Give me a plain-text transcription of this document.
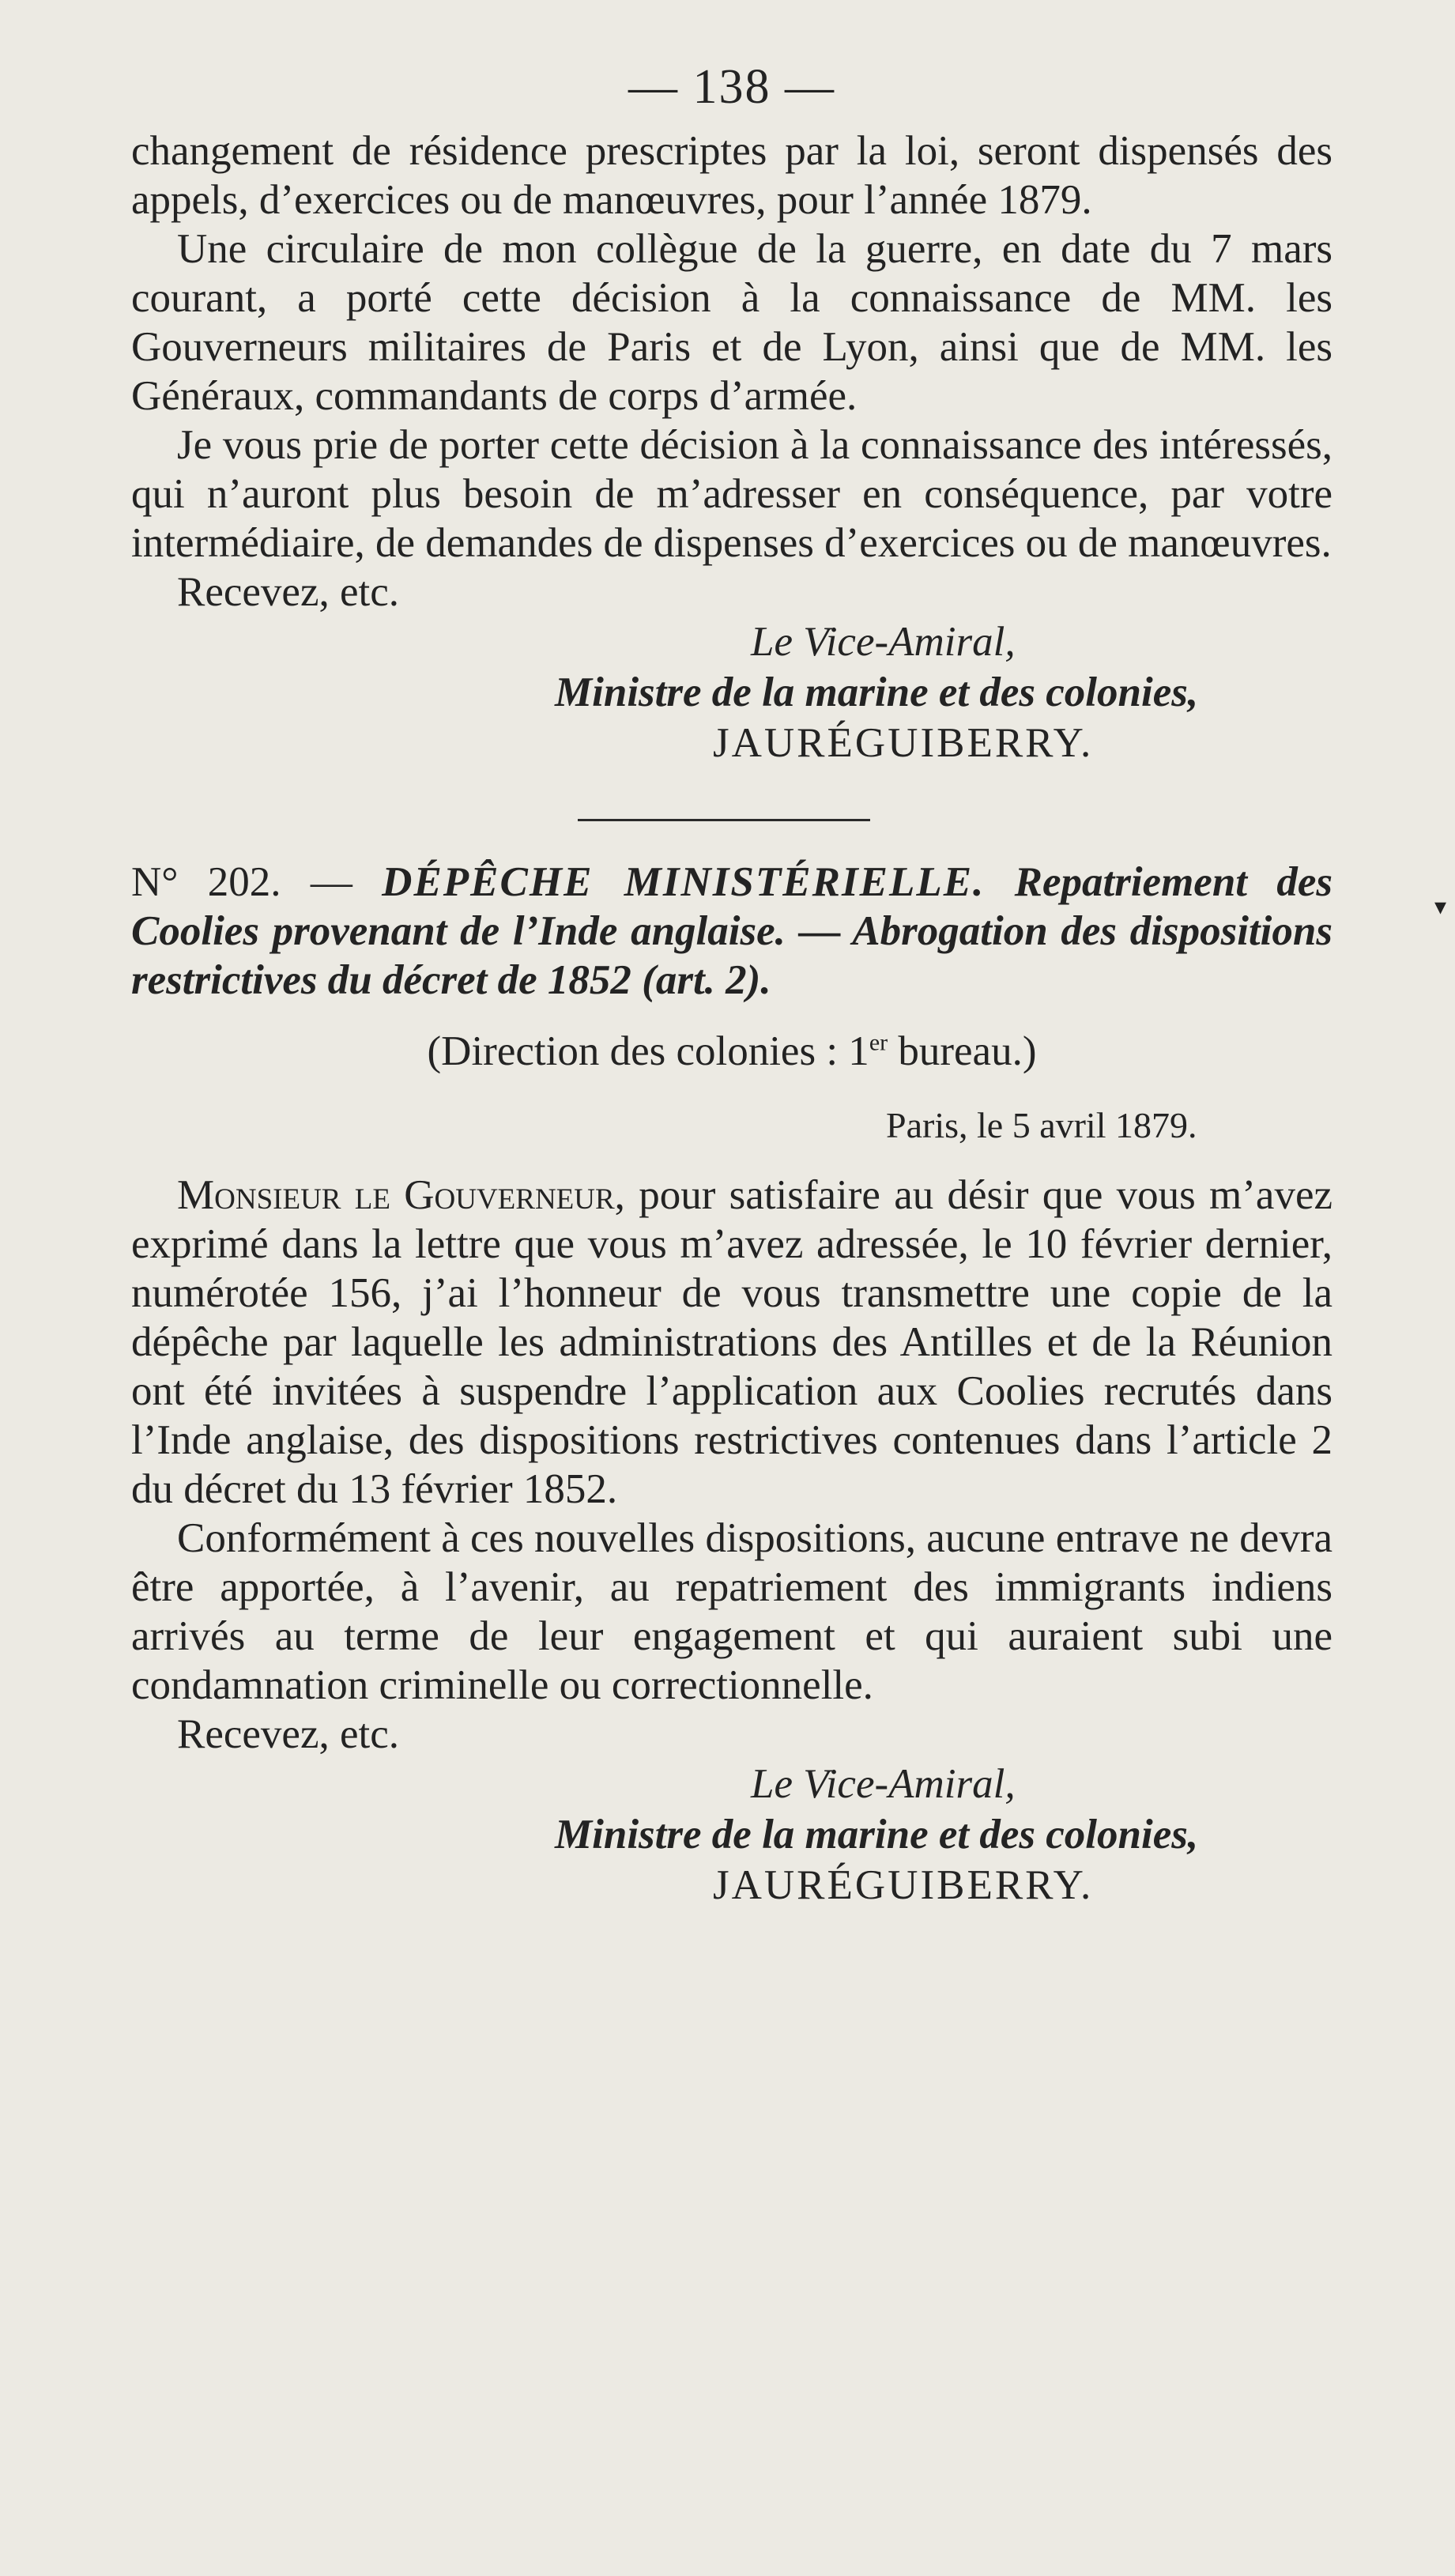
— 138 —

changement de résidence prescriptes par la loi, seront dispensés des appels, d’exercices ou de manœuvres, pour l’année 1879.

Une circulaire de mon collègue de la guerre, en date du 7 mars courant, a porté cette décision à la connaissance de MM. les Gouverneurs militaires de Paris et de Lyon, ainsi que de MM. les Généraux, commandants de corps d’armée.

Je vous prie de porter cette décision à la connaissance des intéressés, qui n’auront plus besoin de m’adresser en conséquence, par votre intermédiaire, de demandes de dispenses d’exercices ou de manœuvres.

Recevez, etc.

Le Vice-Amiral,
Ministre de la marine et des colonies,
JAURÉGUIBERRY.
N° 202. — DÉPÊCHE MINISTÉRIELLE. Repatriement des Coolies provenant de l’Inde anglaise. — Abrogation des dispositions restrictives du décret de 1852 (art. 2).
(Direction des colonies : 1er bureau.)
Paris, le 5 avril 1879.

Monsieur le Gouverneur, pour satisfaire au désir que vous m’avez exprimé dans la lettre que vous m’avez adressée, le 10 février dernier, numérotée 156, j’ai l’honneur de vous transmettre une copie de la dépêche par laquelle les administrations des Antilles et de la Réunion ont été invitées à suspendre l’application aux Coolies recrutés dans l’Inde anglaise, des dispositions restrictives contenues dans l’article 2 du décret du 13 février 1852.

Conformément à ces nouvelles dispositions, aucune entrave ne devra être apportée, à l’avenir, au repatriement des immigrants indiens arrivés au terme de leur engagement et qui auraient subi une condamnation criminelle ou correctionnelle.

Recevez, etc.

Le Vice-Amiral,
Ministre de la marine et des colonies,
JAURÉGUIBERRY.
▾
